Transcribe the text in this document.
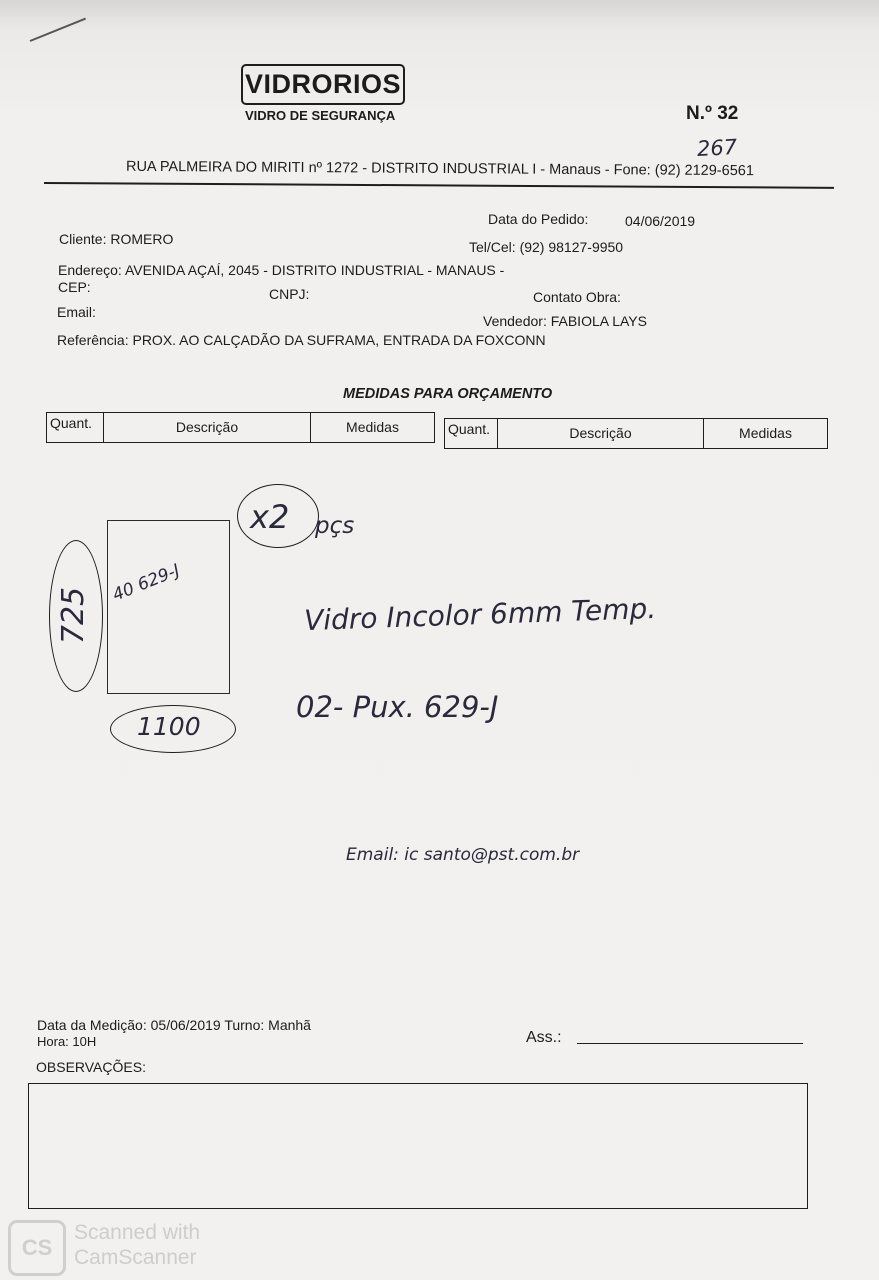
VIDRORIOS
VIDRO DE SEGURANÇA	N.º 32
267
RUA PALMEIRA DO MIRITI nº 1272 - DISTRITO INDUSTRIAL I - Manaus - Fone: (92) 2129-6561
Data do Pedido:	04/06/2019
Cliente: ROMERO	Tel/Cel: (92) 98127-9950
Endereço: AVENIDA AÇAÍ, 2045 - DISTRITO INDUSTRIAL - MANAUS -
CEP:	CNPJ:	Contato Obra:
Email:
Vendedor: FABIOLA LAYS
Referência: PROX. AO CALÇADÃO DA SUFRAMA, ENTRADA DA FOXCONN
MEDIDAS PARA ORÇAMENTO
Quant.	Descrição	Medidas	Quant.	Descrição	Medidas
x2 pçs
725
40 629-J
1100
Vidro Incolor 6mm Temp.
02- Pux. 629-J
Email: ic santo@pst.com.br
Data da Medição: 05/06/2019 Turno: Manhã
Hora: 10H	Ass.:
OBSERVAÇÕES:
CS
Scanned with
CamScanner
